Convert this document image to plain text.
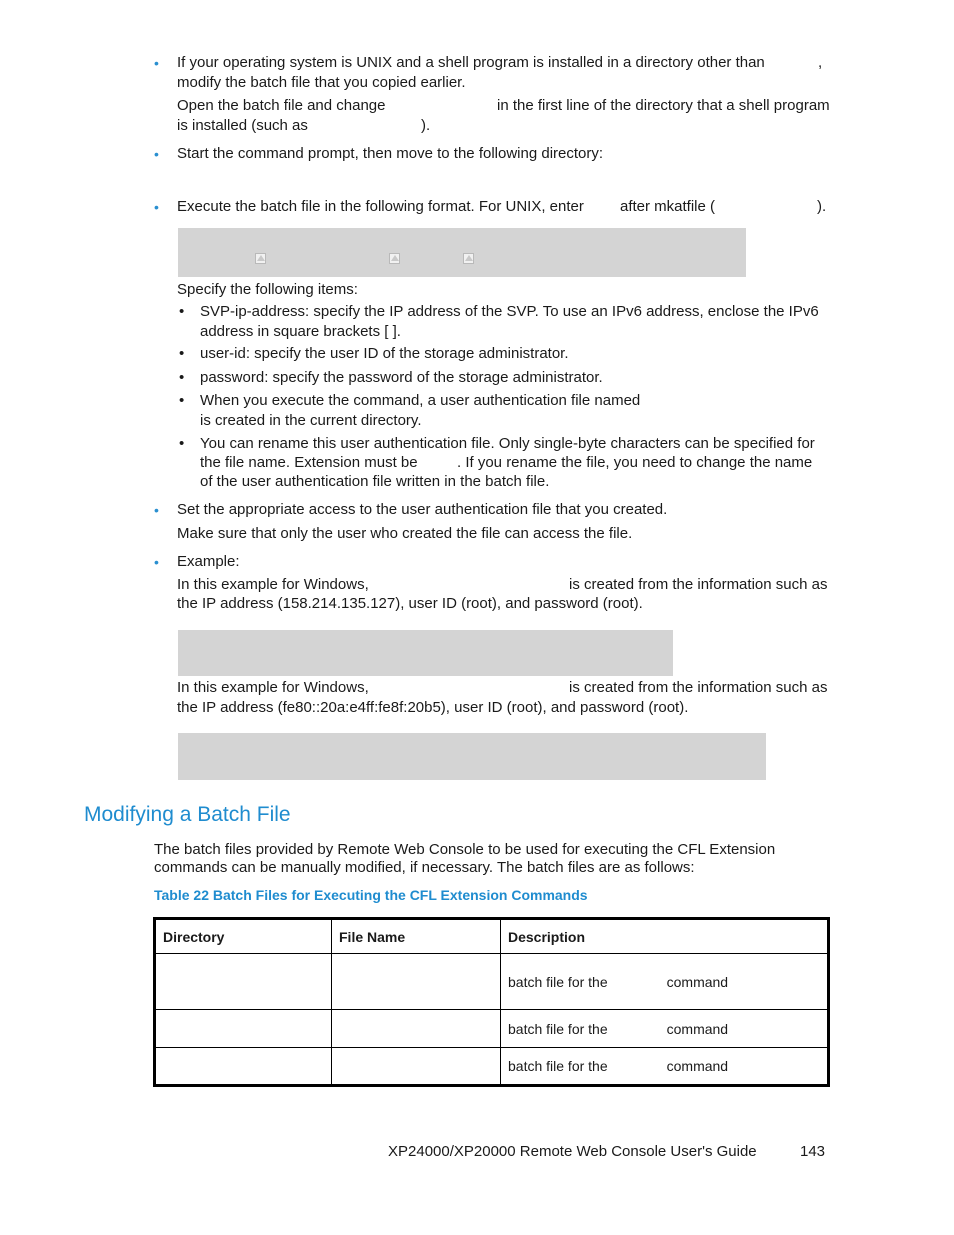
• If your operating system is UNIX and a shell program is installed in a directory other than	,
modify the batch file that you copied earlier.
Open the batch file and change	in the first line of the directory that a shell program
is installed (such as	).
• Start the command prompt, then move to the following directory:
• Execute the batch file in the following format. For UNIX, enter after mkatfile (	).
Specify the following items:
• SVP-ip-address: specify the IP address of the SVP. To use an IPv6 address, enclose the IPv6
address in square brackets [ ].
• user-id: specify the user ID of the storage administrator.
• password: specify the password of the storage administrator.
• When you execute the command, a user authentication file named
is created in the current directory.
• You can rename this user authentication file. Only single-byte characters can be specified for
the file name. Extension must be	. If you rename the file, you need to change the name
of the user authentication file written in the batch file.
• Set the appropriate access to the user authentication file that you created.
Make sure that only the user who created the file can access the file.
• Example:
In this example for Windows,	is created from the information such as
the IP address (158.214.135.127), user ID (root), and password (root).
In this example for Windows,	is created from the information such as
the IP address (fe80::20a:e4ff:fe8f:20b5), user ID (root), and password (root).
Modifying a Batch File
The batch files provided by Remote Web Console to be used for executing the CFL Extension
commands can be manually modified, if necessary. The batch files are as follows:
Table 22 Batch Files for Executing the CFL Extension Commands
Directory	File Name	Description
		batch file for the command
		batch file for the command
		batch file for the command
XP24000/XP20000 Remote Web Console User's Guide	143
